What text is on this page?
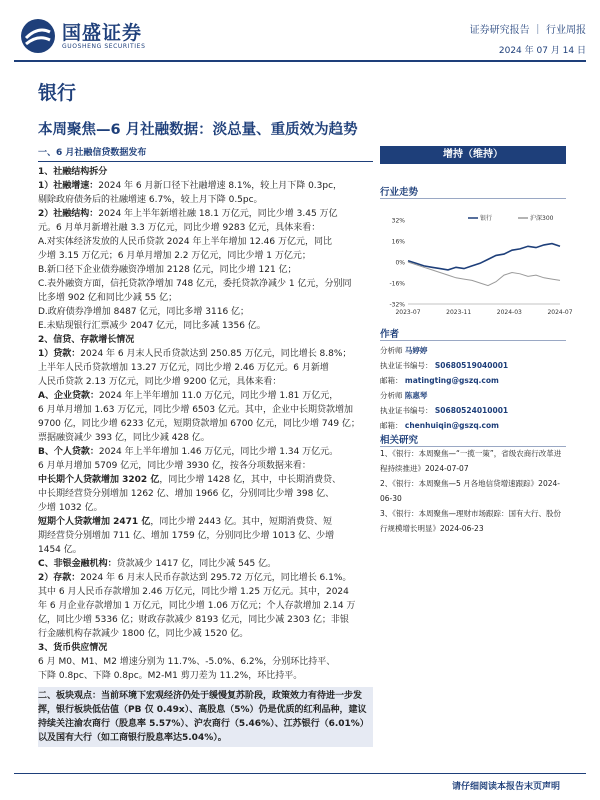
国盛证券
GUOSHENG SECURITIES
证券研究报告 ｜ 行业周报
2024 年 07 月 14 日
银行
本周聚焦—6 月社融数据：淡总量、重质效为趋势
一、6 月社融信贷数据发布
1、社融结构拆分
1）社融增速：2024 年 6 月新口径下社融增速 8.1%，较上月下降 0.3pc，
剔除政府债务后的社融增速 6.7%，较上月下降 0.5pc。
2）社融结构：2024 年上半年新增社融 18.1 万亿元，同比少增 3.45 万亿
元。6 月单月新增社融 3.3 万亿元，同比少增 9283 亿元，具体来看：
A.对实体经济发放的人民币贷款 2024 年上半年增加 12.46 万亿元，同比
少增 3.15 万亿元；6 月单月增加 2.2 万亿元，同比少增 1 万亿元；
B.新口径下企业债券融资净增加 2128 亿元，同比少增 121 亿；
C.表外融资方面，信托贷款净增加 748 亿元，委托贷款净减少 1 亿元，分别同
比多增 902 亿和同比少减 55 亿；
D.政府债券净增加 8487 亿元，同比多增 3116 亿；
E.未贴现银行汇票减少 2047 亿元，同比多减 1356 亿。
2、信贷、存款增长情况
1）贷款：2024 年 6 月末人民币贷款达到 250.85 万亿元，同比增长 8.8%；
上半年人民币贷款增加 13.27 万亿元，同比少增 2.46 万亿元。6 月新增
人民币贷款 2.13 万亿元，同比少增 9200 亿元，具体来看：
A、企业贷款：2024 年上半年增加 11.0 万亿元，同比少增 1.81 万亿元，
6 月单月增加 1.63 万亿元，同比少增 6503 亿元。其中，企业中长期贷款增加
9700 亿，同比少增 6233 亿元，短期贷款增加 6700 亿元，同比少增 749 亿；
票据融资减少 393 亿，同比少减 428 亿。
B、个人贷款：2024 年上半年增加 1.46 万亿元，同比少增 1.34 万亿元。
6 月单月增加 5709 亿元，同比少增 3930 亿，按各分项数据来看：
中长期个人贷款增加 3202 亿，同比少增 1428 亿，其中，中长期消费贷、
中长期经营贷分别增加 1262 亿、增加 1966 亿，分别同比少增 398 亿、
少增 1032 亿。
短期个人贷款增加 2471 亿，同比少增 2443 亿。其中，短期消费贷、短
期经营贷分别增加 711 亿、增加 1759 亿，分别同比少增 1013 亿、少增
1454 亿。
C、非银金融机构：贷款减少 1417 亿，同比少减 545 亿。
2）存款：2024 年 6 月末人民币存款达到 295.72 万亿元，同比增长 6.1%。
其中 6 月人民币存款增加 2.46 万亿元，同比少增 1.25 万亿元。其中，2024
年 6 月企业存款增加 1 万亿元，同比少增 1.06 万亿元；个人存款增加 2.14 万
亿，同比少增 5336 亿；财政存款减少 8193 亿元，同比少减 2303 亿；非银
行金融机构存款减少 1800 亿，同比少减 1520 亿。
3、货币供应情况
6 月 M0、M1、M2 增速分别为 11.7%、-5.0%、6.2%，分别环比持平、
下降 0.8pc、下降 0.8pc。M2-M1 剪刀差为 11.2%，环比持平。
二、板块观点：当前环境下宏观经济仍处于缓慢复苏阶段，政策效力有待进一步发挥，银行板块低估值（PB 仅 0.49x）、高股息（5%）仍是优质的红利品种，建议持续关注渝农商行（股息率 5.57%）、沪农商行（5.46%）、江苏银行（6.01%）以及国有大行（如工商银行股息率达5.04%）。
增持（维持）
行业走势
32%
16%
0%
-16%
-32%
2023-07	2023-11	2024-03	2024-07
银行	沪深300
作者
分析师 马婷婷
执业证书编号： S0680519040001
邮箱： matingting@gszq.com
分析师 陈惠琴
执业证书编号： S0680524010001
邮箱： chenhuiqin@gszq.com
相关研究
1、《银行：本周聚焦—“一揽一策”，省级农商行改革进程持续推进》2024-07-07
2、《银行：本周聚焦—5 月各地信贷增速跟踪》2024-06-30
3、《银行：本周聚焦—理财市场跟踪：国有大行、股份行规模增长明显》2024-06-23
请仔细阅读本报告末页声明
